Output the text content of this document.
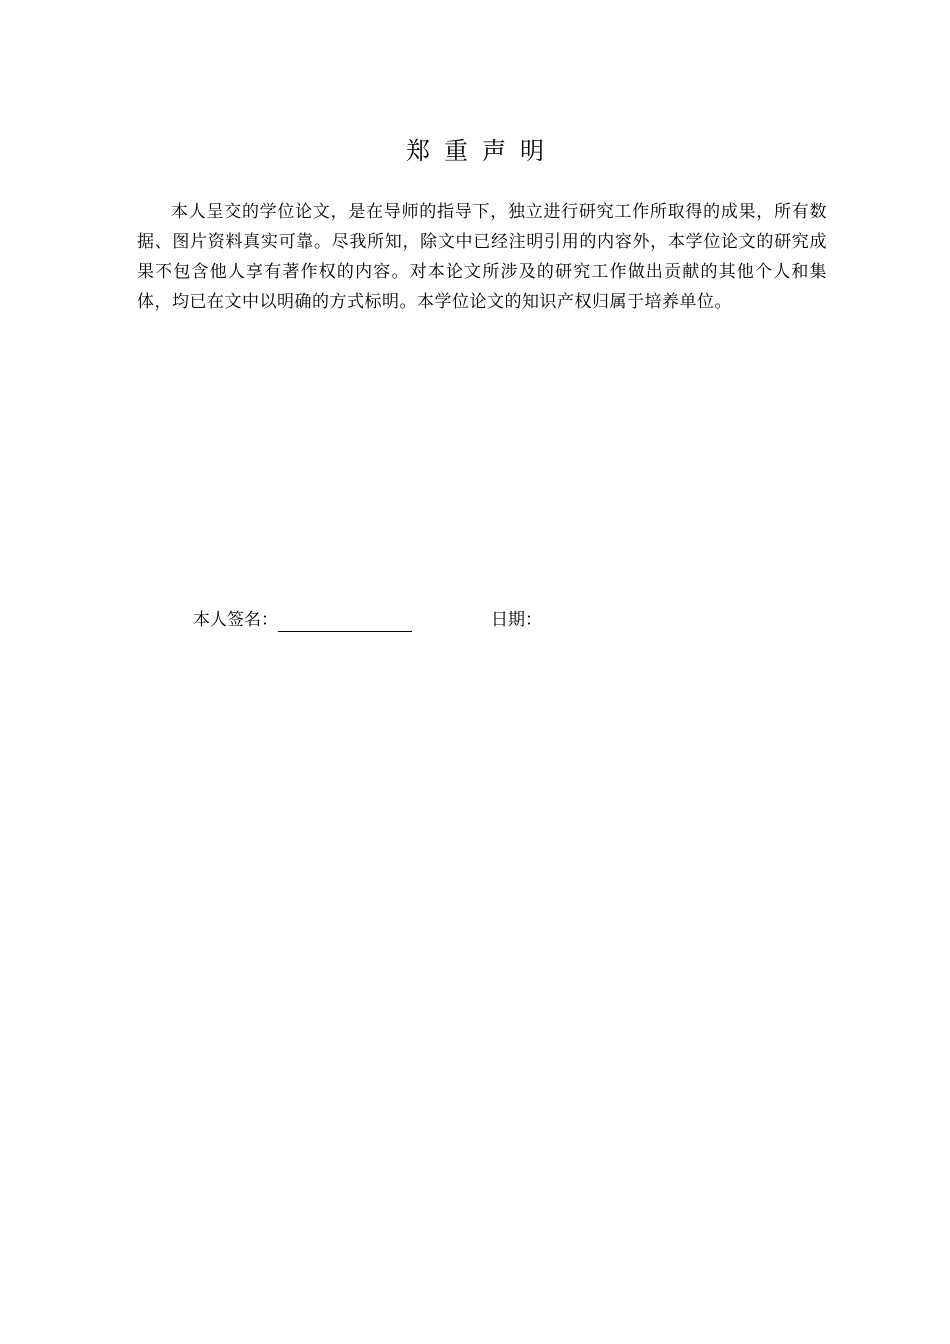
郑重声明

本人呈交的学位论文，是在导师的指导下，独立进行研究工作所取得的成果，所有数据、图片资料真实可靠。尽我所知，除文中已经注明引用的内容外，本学位论文的研究成果不包含他人享有著作权的内容。对本论文所涉及的研究工作做出贡献的其他个人和集体，均已在文中以明确的方式标明。本学位论文的知识产权归属于培养单位。

本人签名：	日期：
